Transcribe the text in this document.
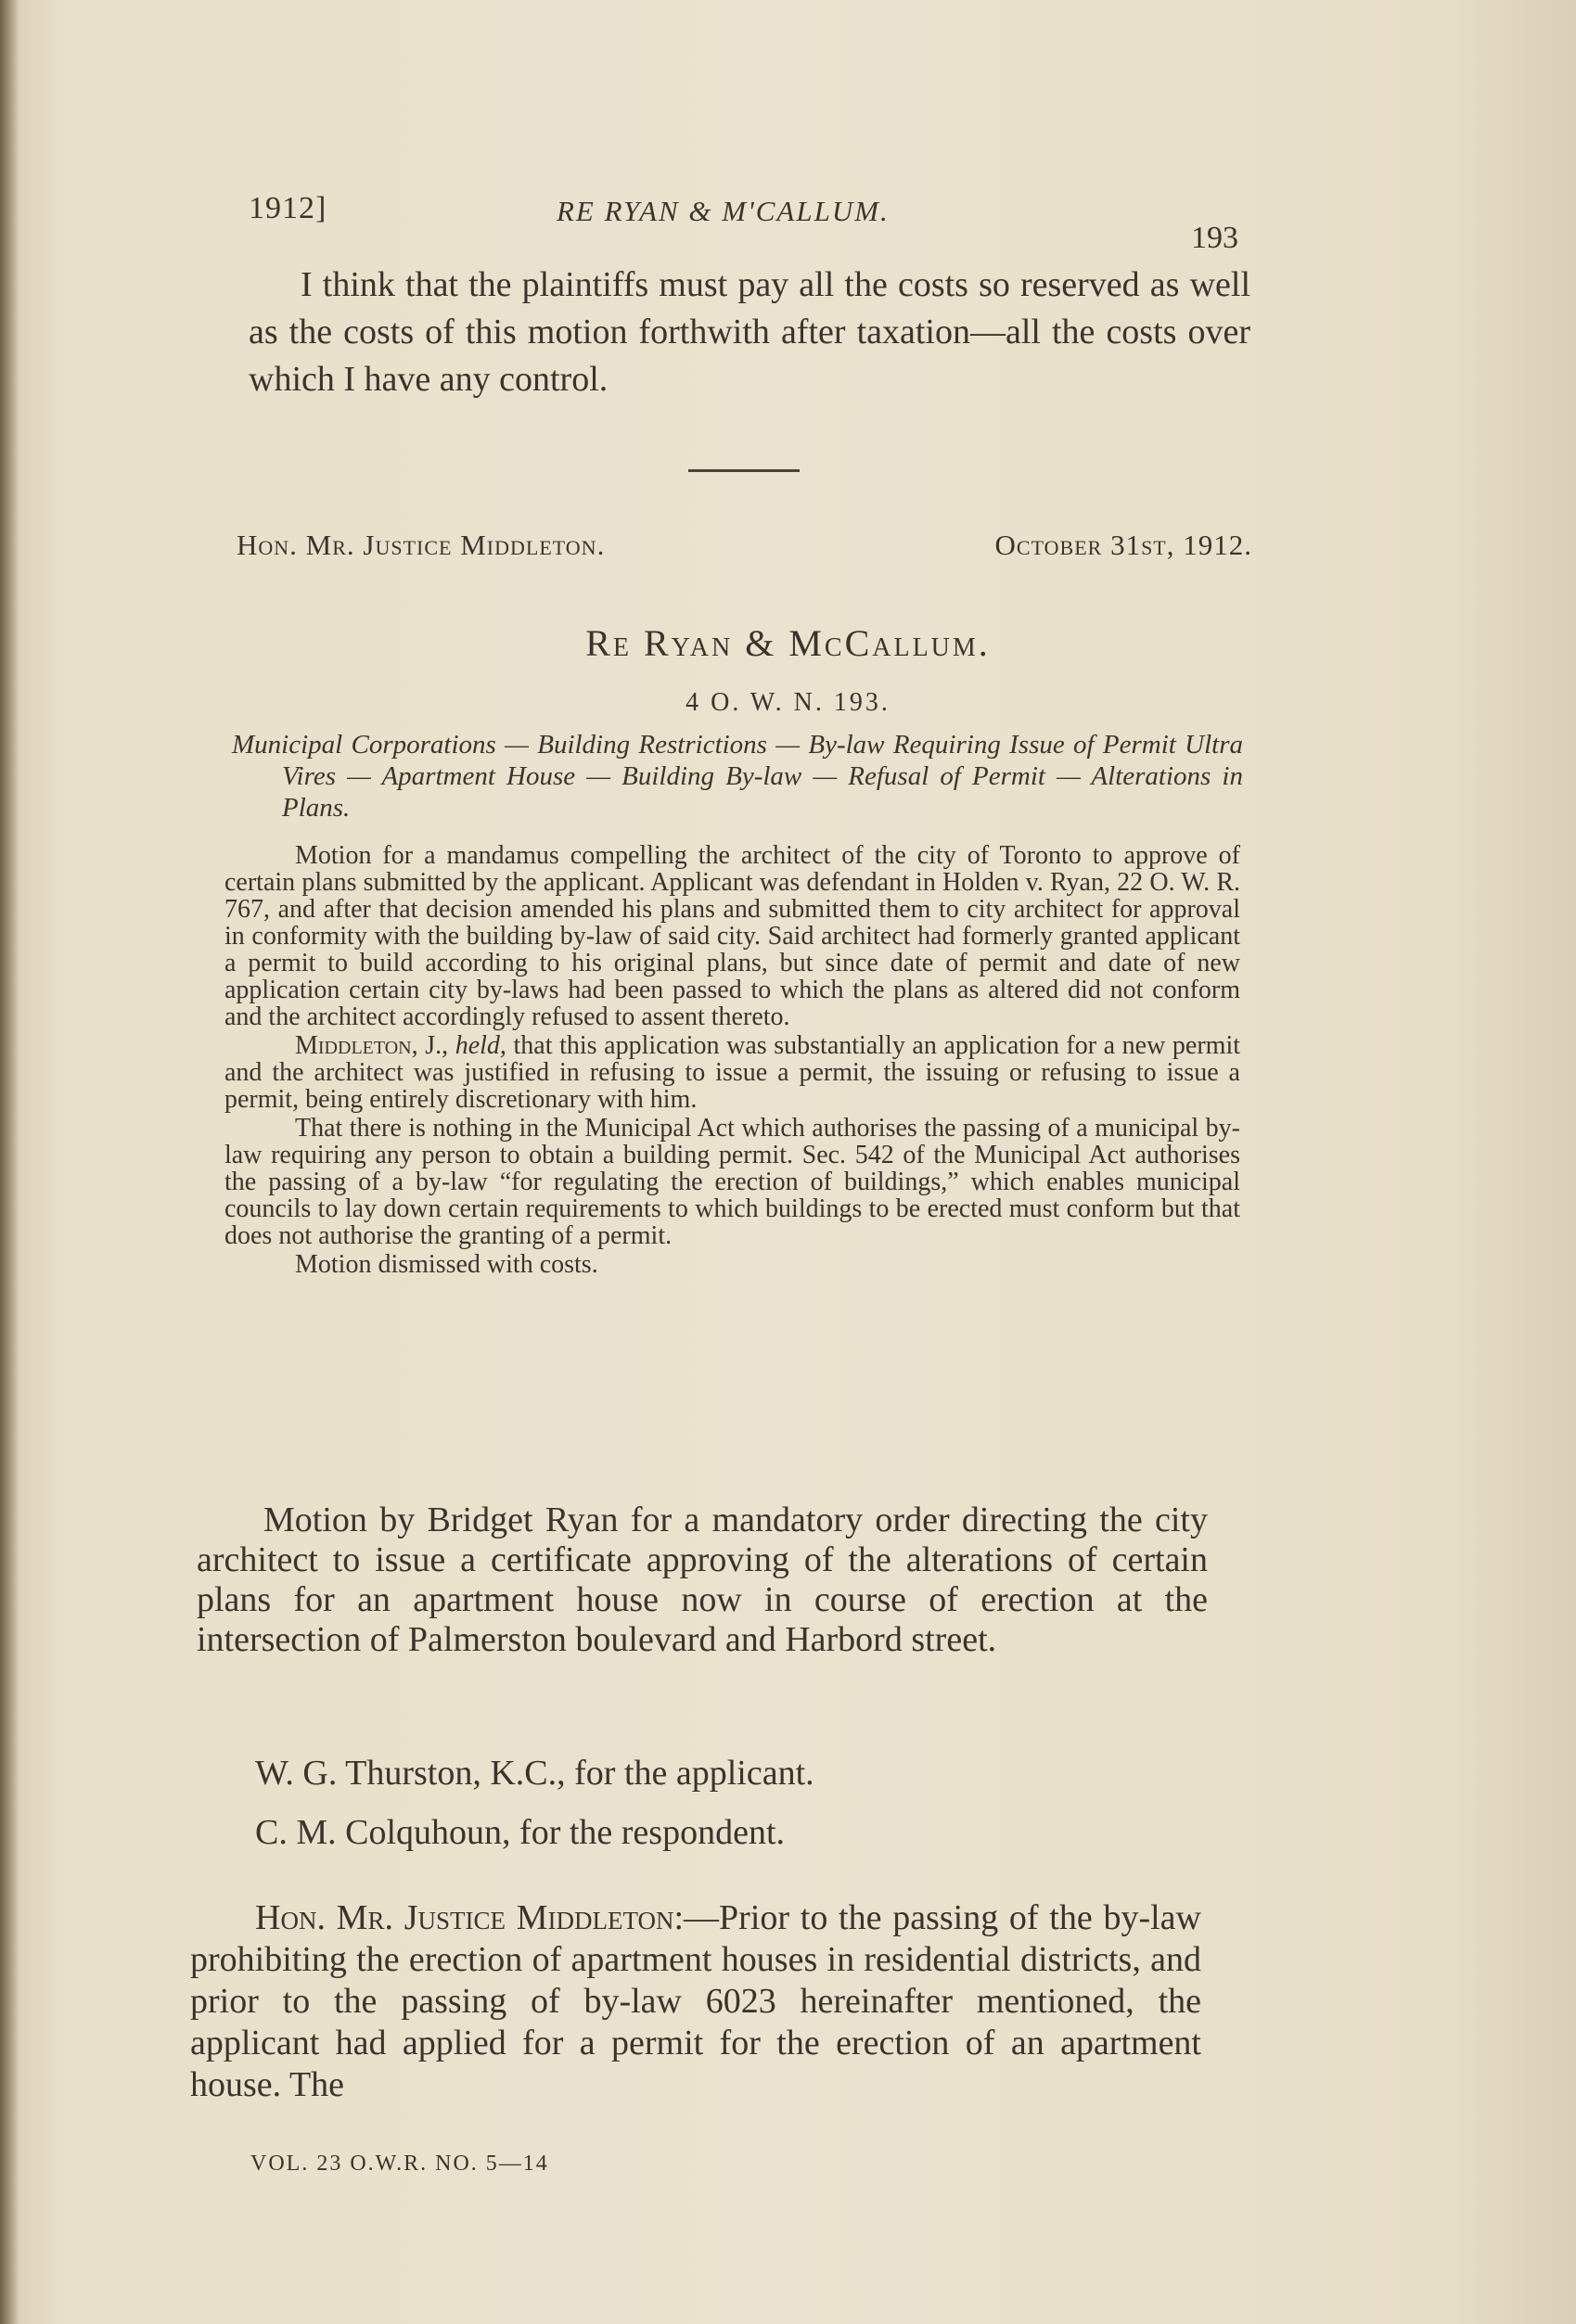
1912]	RE RYAN & M'CALLUM.
193
I think that the plaintiffs must pay all the costs so reserved as well as the costs of this motion forthwith after taxation—all the costs over which I have any control.
Hon. Mr. Justice Middleton.	October 31st, 1912.
Re Ryan & McCallum.
4 O. W. N. 193.
Municipal Corporations — Building Restrictions — By-law Requiring Issue of Permit Ultra Vires — Apartment House — Building By-law — Refusal of Permit — Alterations in Plans.

Motion for a mandamus compelling the architect of the city of Toronto to approve of certain plans submitted by the applicant. Applicant was defendant in Holden v. Ryan, 22 O. W. R. 767, and after that decision amended his plans and submitted them to city architect for approval in conformity with the building by-law of said city. Said architect had formerly granted applicant a permit to build according to his original plans, but since date of permit and date of new application certain city by-laws had been passed to which the plans as altered did not conform and the architect accordingly refused to assent thereto.

Middleton, J., held, that this application was substantially an application for a new permit and the architect was justified in refusing to issue a permit, the issuing or refusing to issue a permit, being entirely discretionary with him.

That there is nothing in the Municipal Act which authorises the passing of a municipal by-law requiring any person to obtain a building permit. Sec. 542 of the Municipal Act authorises the passing of a by-law “for regulating the erection of buildings,” which enables municipal councils to lay down certain requirements to which buildings to be erected must conform but that does not authorise the granting of a permit.

Motion dismissed with costs.

Motion by Bridget Ryan for a mandatory order directing the city architect to issue a certificate approving of the alterations of certain plans for an apartment house now in course of erection at the intersection of Palmerston boulevard and Harbord street.
W. G. Thurston, K.C., for the applicant.
C. M. Colquhoun, for the respondent.
Hon. Mr. Justice Middleton:—Prior to the passing of the by-law prohibiting the erection of apartment houses in residential districts, and prior to the passing of by-law 6023 hereinafter mentioned, the applicant had applied for a permit for the erection of an apartment house. The
VOL. 23 O.W.R. NO. 5—14
